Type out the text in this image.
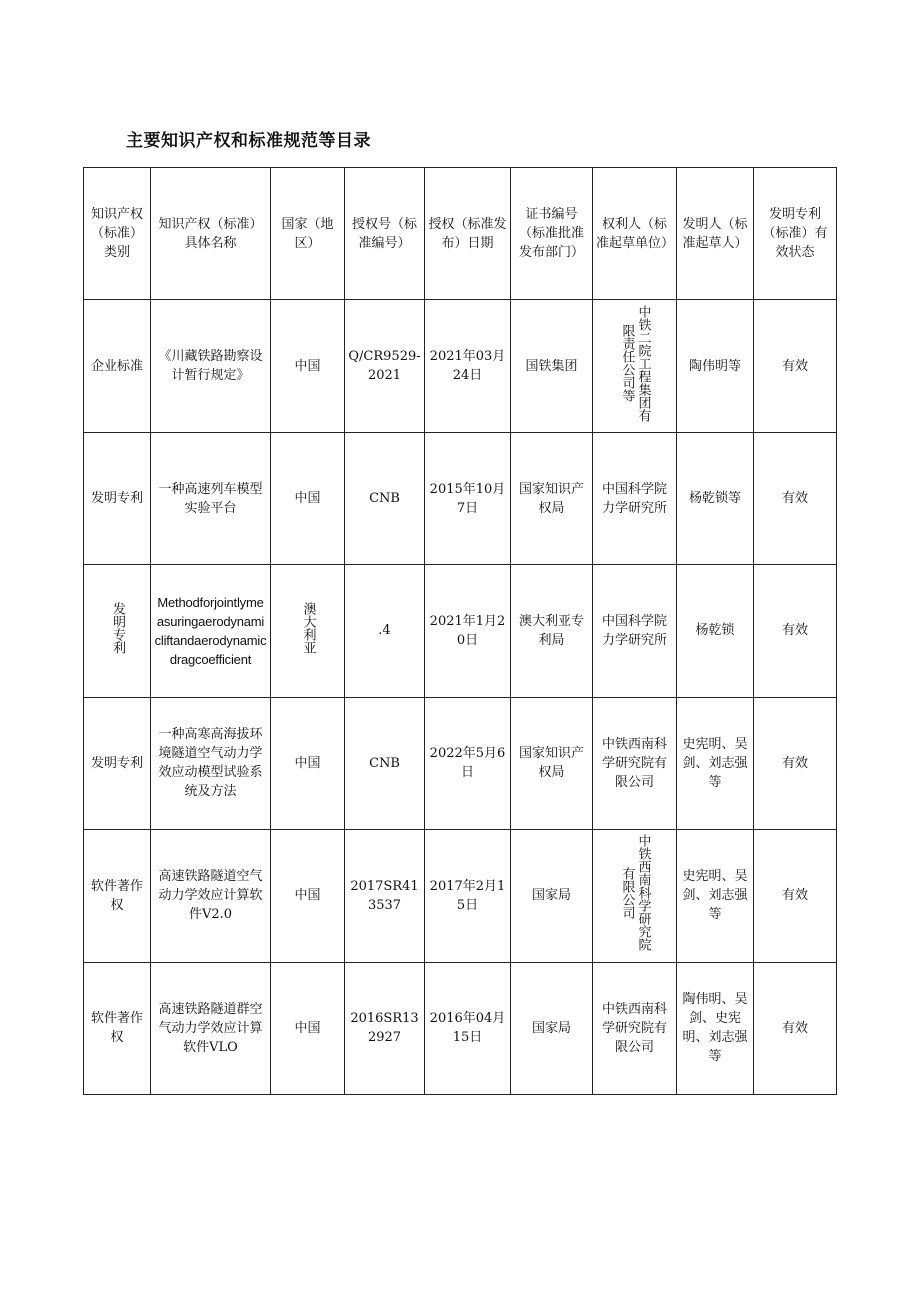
主要知识产权和标准规范等目录
知识产权（标准）类别	知识产权（标准）具体名称	国家（地区）	授权号（标准编号）	授权（标准发布）日期	证书编号（标准批准发布部门）	权利人（标准起草单位）	发明人（标准起草人）	发明专利（标准）有效状态
企业标准	《川藏铁路勘察设计暂行规定》	中国	Q/CR9529-2021	2021年03月24日	国铁集团	中铁二院工程集团有限责任公司等	陶伟明等	有效
发明专利	一种高速列车模型实验平台	中国	CNB	2015年10月7日	国家知识产权局	中国科学院力学研究所	杨乾锁等	有效
发明专利	Methodforjointlymeasuringaerodynamicliftandaerodynamicdragcoefficient	澳大利亚	.4	2021年1月20日	澳大利亚专利局	中国科学院力学研究所	杨乾锁	有效
发明专利	一种高寒高海拔环境隧道空气动力学效应动模型试验系统及方法	中国	CNB	2022年5月6日	国家知识产权局	中铁西南科学研究院有限公司	史宪明、吴剑、刘志强等	有效
软件著作权	高速铁路隧道空气动力学效应计算软件V2.0	中国	2017SR413537	2017年2月15日	国家局	中铁西南科学研究院有限公司	史宪明、吴剑、刘志强等	有效
软件著作权	高速铁路隧道群空气动力学效应计算软件VLO	中国	2016SR132927	2016年04月15日	国家局	中铁西南科学研究院有限公司	陶伟明、吴剑、史宪明、刘志强等	有效
